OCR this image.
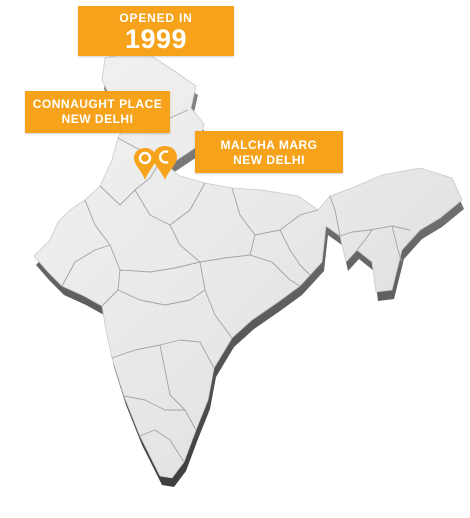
OPENED IN
1999
CONNAUGHT PLACE
NEW DELHI
MALCHA MARG
NEW DELHI
